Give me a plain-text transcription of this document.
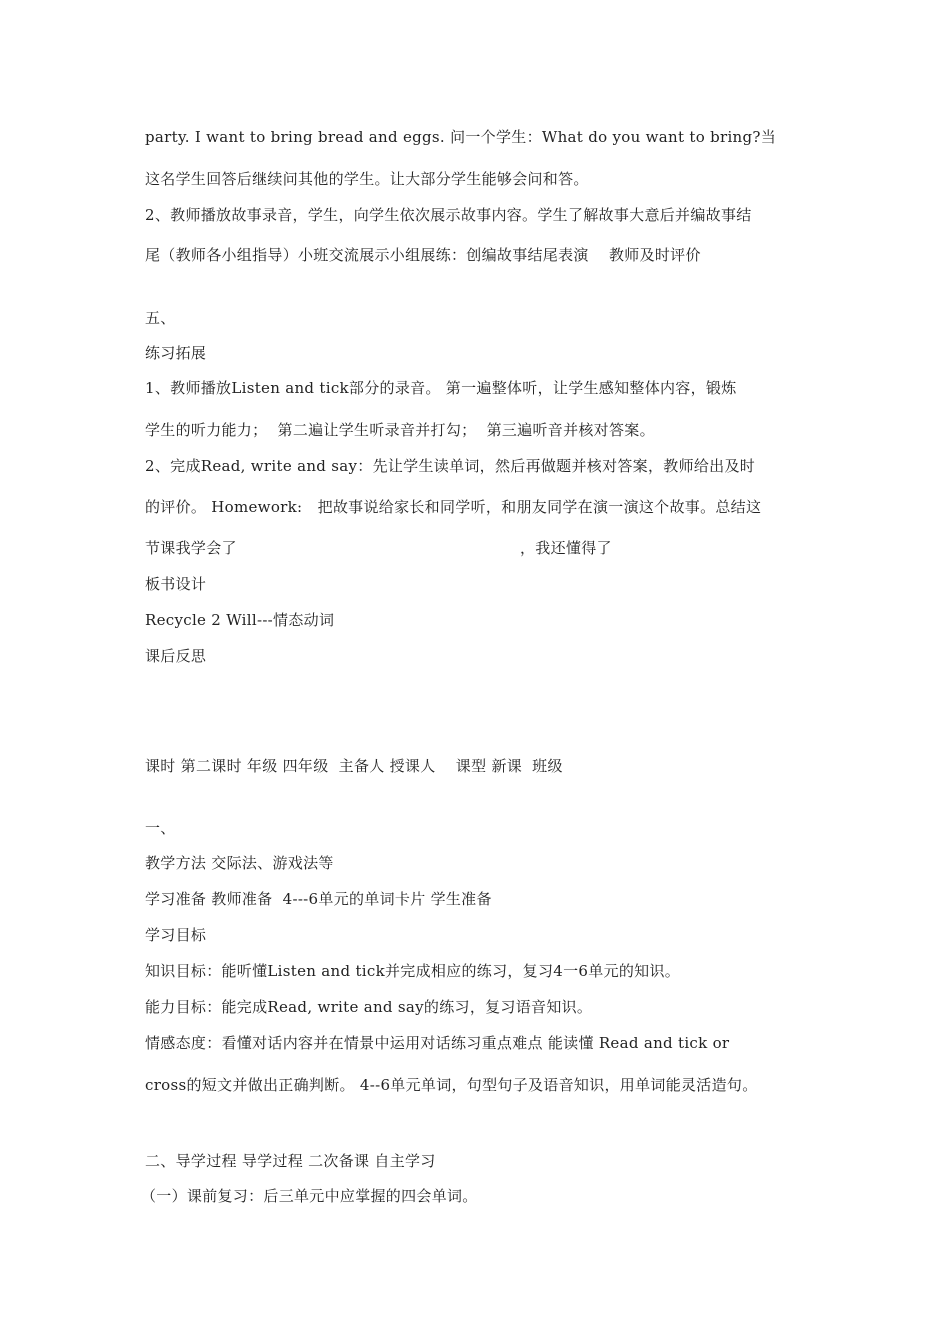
party. I want to bring bread and eggs. 问一个学生：What do you want to bring?当
这名学生回答后继续问其他的学生。让大部分学生能够会问和答。
2、教师播放故事录音，学生，向学生依次展示故事内容。学生了解故事大意后并编故事结
尾（教师各小组指导）小班交流展示小组展练：创编故事结尾表演    教师及时评价
五、
练习拓展
1、教师播放Listen and tick部分的录音。 第一遍整体听，让学生感知整体内容，锻炼
学生的听力能力；  第二遍让学生听录音并打勾；  第三遍听音并核对答案。
2、完成Read, write and say：先让学生读单词，然后再做题并核对答案，教师给出及时
的评价。 Homework:   把故事说给家长和同学听，和朋友同学在演一演这个故事。总结这
节课我学会了	，我还懂得了
板书设计
Recycle 2 Will---情态动词
课后反思
课时 第二课时 年级 四年级  主备人 授课人    课型 新课  班级
一、
教学方法 交际法、游戏法等
学习准备 教师准备  4---6单元的单词卡片 学生准备
学习目标
知识目标：能听懂Listen and tick并完成相应的练习，复习4一6单元的知识。
能力目标：能完成Read, write and say的练习，复习语音知识。
情感态度：看懂对话内容并在情景中运用对话练习重点难点 能读懂 Read and tick or
cross的短文并做出正确判断。 4--6单元单词，句型句子及语音知识，用单词能灵活造句。
二、导学过程 导学过程 二次备课 自主学习
（一）课前复习：后三单元中应掌握的四会单词。
